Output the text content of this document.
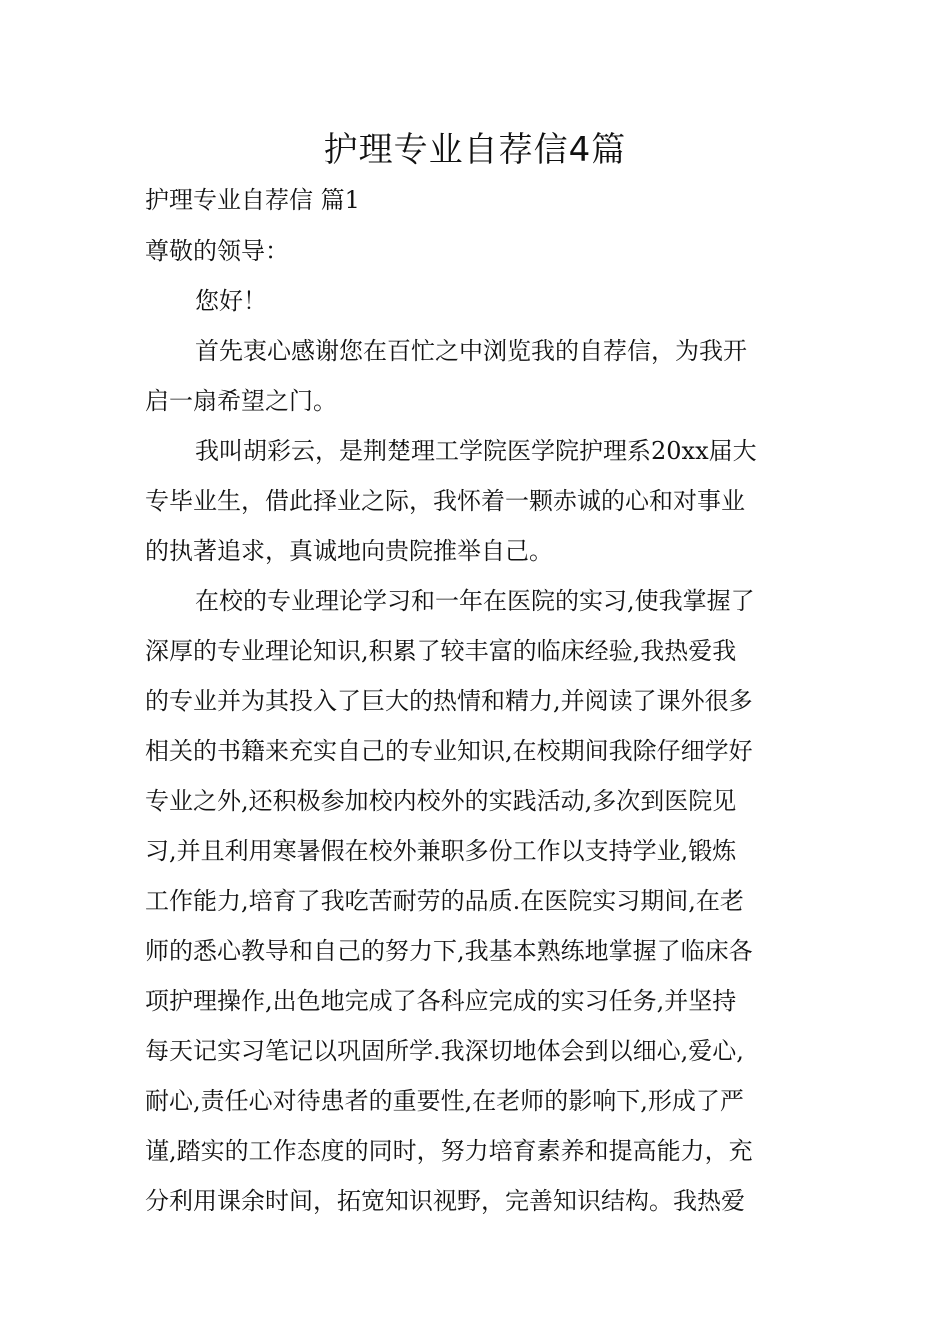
护理专业自荐信4篇
护理专业自荐信 篇1
尊敬的领导：
您好！
首先衷心感谢您在百忙之中浏览我的自荐信，为我开
启一扇希望之门。
我叫胡彩云，是荆楚理工学院医学院护理系20xx届大
专毕业生，借此择业之际，我怀着一颗赤诚的心和对事业
的执著追求，真诚地向贵院推举自己。
在校的专业理论学习和一年在医院的实习,使我掌握了
深厚的专业理论知识,积累了较丰富的临床经验,我热爱我
的专业并为其投入了巨大的热情和精力,并阅读了课外很多
相关的书籍来充实自己的专业知识,在校期间我除仔细学好
专业之外,还积极参加校内校外的实践活动,多次到医院见
习,并且利用寒暑假在校外兼职多份工作以支持学业,锻炼
工作能力,培育了我吃苦耐劳的品质.在医院实习期间,在老
师的悉心教导和自己的努力下,我基本熟练地掌握了临床各
项护理操作,出色地完成了各科应完成的实习任务,并坚持
每天记实习笔记以巩固所学.我深切地体会到以细心,爱心,
耐心,责任心对待患者的重要性,在老师的影响下,形成了严
谨,踏实的工作态度的同时，努力培育素养和提高能力，充
分利用课余时间，拓宽知识视野，完善知识结构。我热爱
